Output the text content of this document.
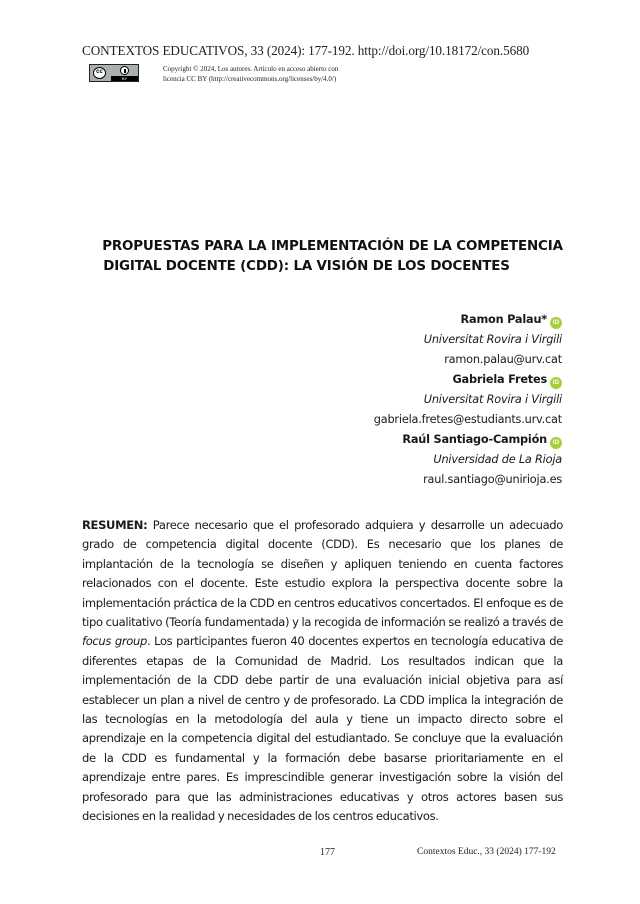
CONTEXTOS EDUCATIVOS, 33 (2024): 177-192. http://doi.org/10.18172/con.5680
cc
BY
Copyright © 2024, Los autores. Artículo en acceso abierto con
licencia CC BY (http://creativecommons.org/licenses/by/4.0/)
PROPUESTAS PARA LA IMPLEMENTACIÓN DE LA COMPETENCIA
DIGITAL DOCENTE (CDD): LA VISIÓN DE LOS DOCENTES
Ramon Palau* iD
Universitat Rovira i Virgili
ramon.palau@urv.cat
Gabriela Fretes iD
Universitat Rovira i Virgili
gabriela.fretes@estudiants.urv.cat
Raúl Santiago-Campión iD
Universidad de La Rioja
raul.santiago@unirioja.es
RESUMEN: Parece necesario que el profesorado adquiera y desarrolle un adecuado grado de competencia digital docente (CDD). Es necesario que los planes de implantación de la tecnología se diseñen y apliquen teniendo en cuenta factores relacionados con el docente. Este estudio explora la perspectiva docente sobre la implementación práctica de la CDD en centros educativos concertados. El enfoque es de tipo cualitativo (Teoría fundamentada) y la recogida de información se realizó a través de focus group. Los participantes fueron 40 docentes expertos en tecnología educativa de diferentes etapas de la Comunidad de Madrid. Los resultados indican que la implementación de la CDD debe partir de una evaluación inicial objetiva para así establecer un plan a nivel de centro y de profesorado. La CDD implica la integración de las tecnologías en la metodología del aula y tiene un impacto directo sobre el aprendizaje en la competencia digital del estudiantado. Se concluye que la evaluación de la CDD es fundamental y la formación debe basarse prioritariamente en el aprendizaje entre pares. Es imprescindible generar investigación sobre la visión del profesorado para que las administraciones educativas y otros actores basen sus decisiones en la realidad y necesidades de los centros educativos.
177	Contextos Educ., 33 (2024) 177-192
